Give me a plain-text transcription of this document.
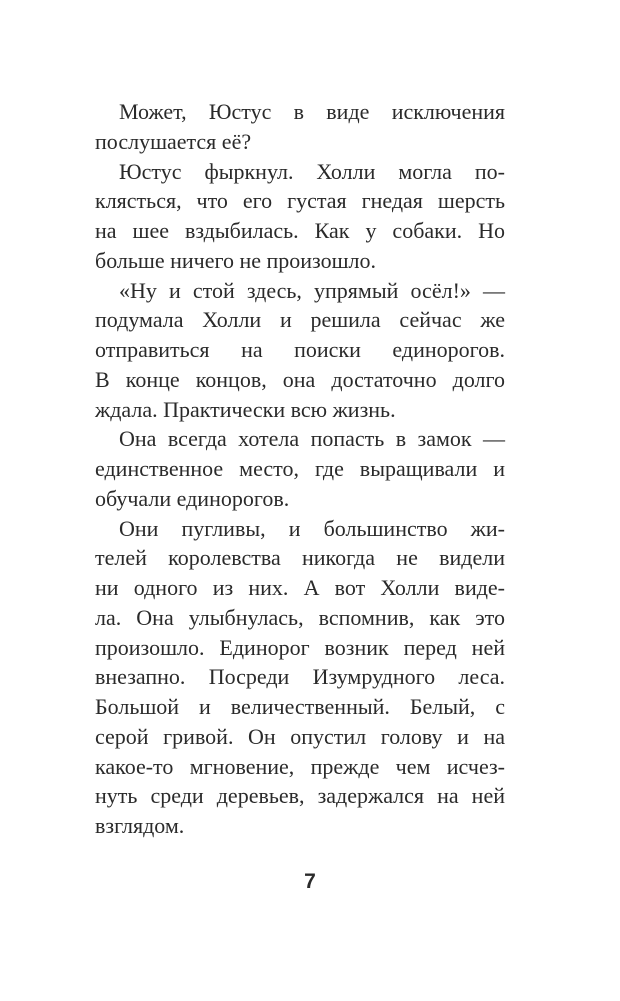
Может, Юстус в виде исключения
послушается её?
Юстус фыркнул. Холли могла по-
клясться, что его густая гнедая шерсть
на шее вздыбилась. Как у собаки. Но
больше ничего не произошло.
«Ну и стой здесь, упрямый осёл!» —
подумала Холли и решила сейчас же
отправиться на поиски единорогов.
В конце концов, она достаточно долго
ждала. Практически всю жизнь.
Она всегда хотела попасть в замок —
единственное место, где выращивали и
обучали единорогов.
Они пугливы, и большинство жи-
телей королевства никогда не видели
ни одного из них. А вот Холли виде-
ла. Она улыбнулась, вспомнив, как это
произошло. Единорог возник перед ней
внезапно. Посреди Изумрудного леса.
Большой и величественный. Белый, с
серой гривой. Он опустил голову и на
какое-то мгновение, прежде чем исчез-
нуть среди деревьев, задержался на ней
взглядом.
7
